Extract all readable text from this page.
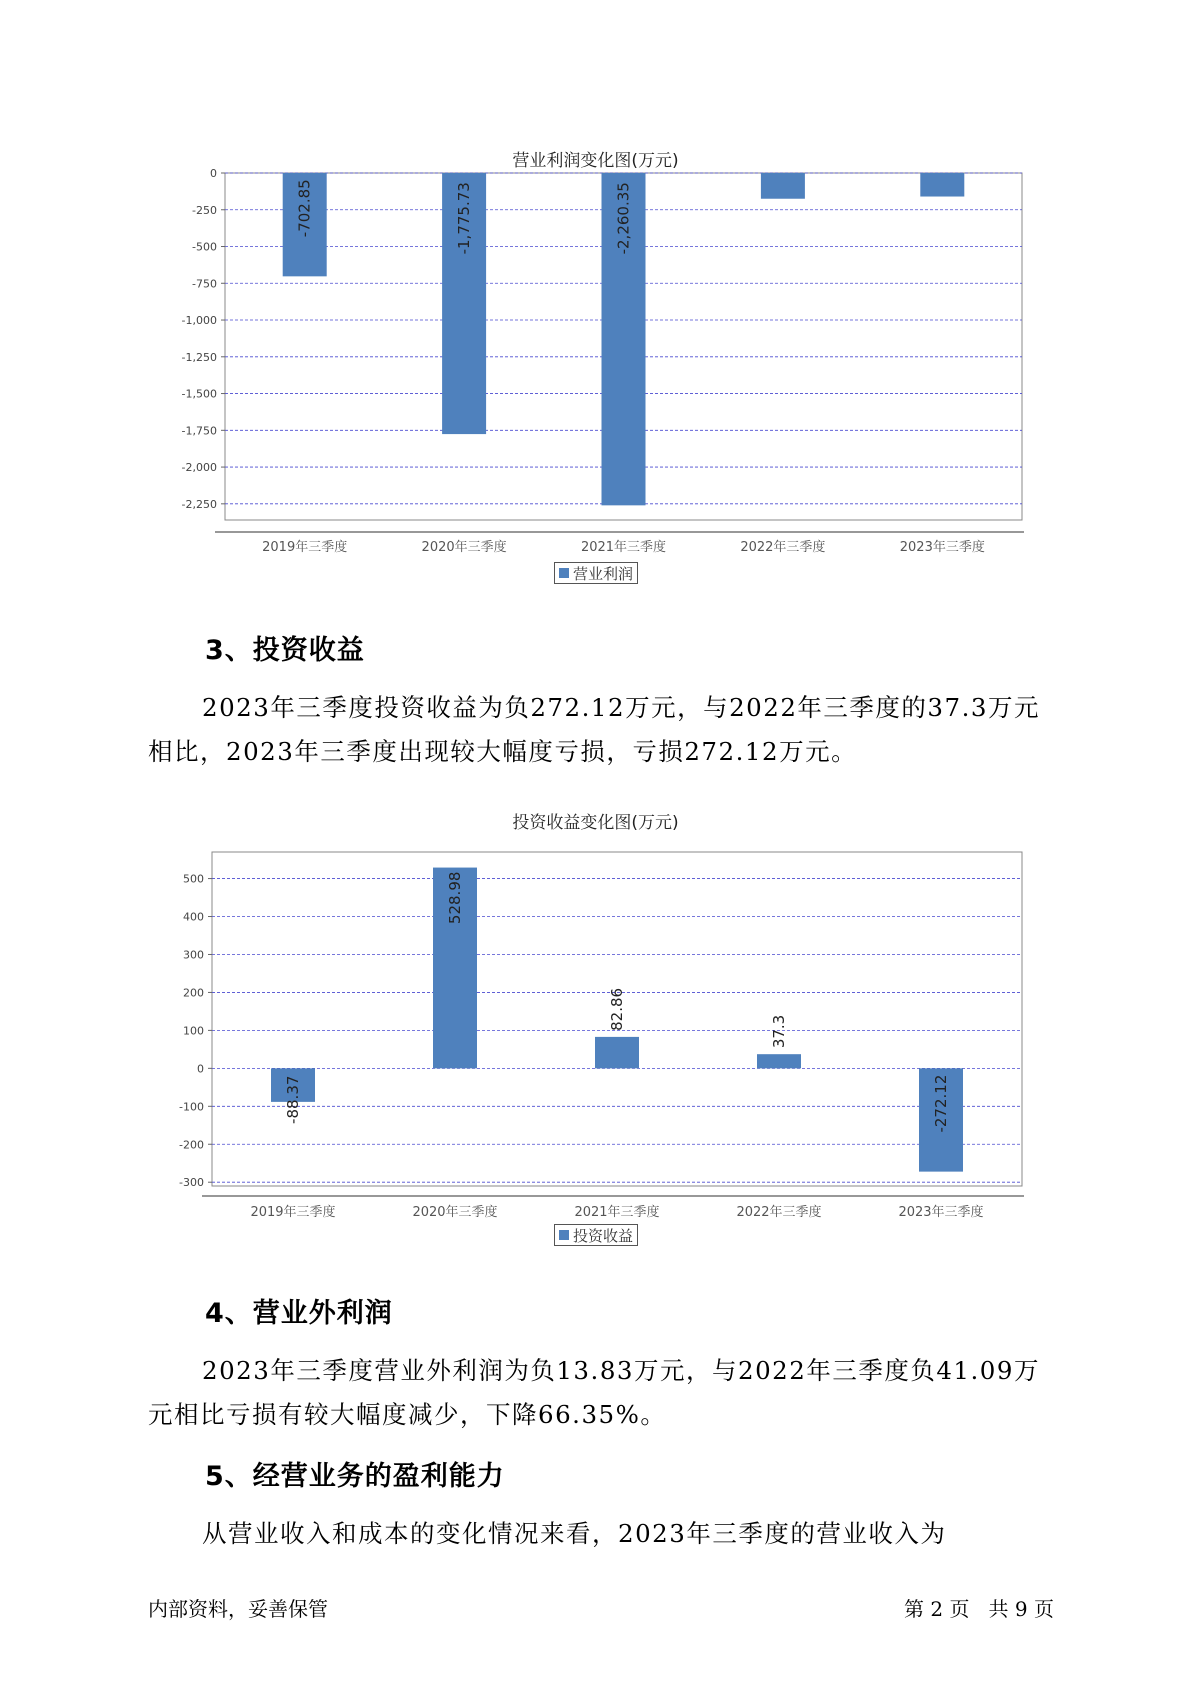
营业利润变化图(万元)
0
-250
-500
-750
-1,000
-1,250
-1,500
-1,750
-2,000
-2,250
-702.85
2019年三季度
-1,775.73
2020年三季度
-2,260.35
2021年三季度	2022年三季度	2023年三季度
营业利润
3、投资收益

2023年三季度投资收益为负272.12万元，与2022年三季度的37.3万元相比，2023年三季度出现较大幅度亏损，亏损272.12万元。

投资收益变化图(万元)
500
400
300
200
100
0
-100
-200
-300
-88.37
2019年三季度
528.98
2020年三季度
82.86
2021年三季度
37.3
2022年三季度
-272.12
2023年三季度
投资收益
4、营业外利润

2023年三季度营业外利润为负13.83万元，与2022年三季度负41.09万元相比亏损有较大幅度减少，下降66.35%。

5、经营业务的盈利能力

从营业收入和成本的变化情况来看，2023年三季度的营业收入为

内部资料，妥善保管	第 2 页   共 9 页
